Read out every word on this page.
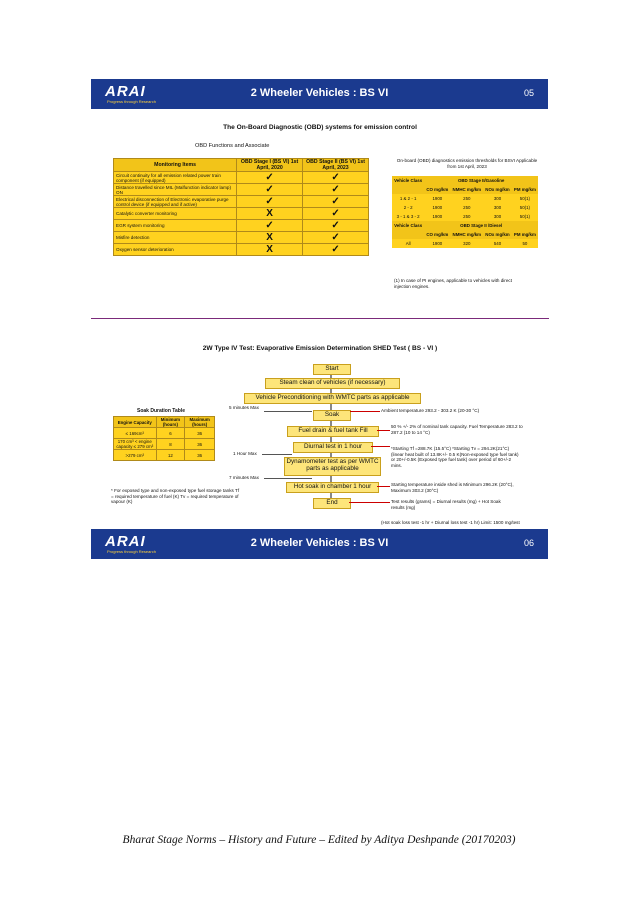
ARAI
Progress through Research
2 Wheeler Vehicles : BS VI	05
The On-Board Diagnostic (OBD) systems for emission control
OBD Functions and Associate
Monitoring Items	OBD Stage I (BS VI) 1st April, 2020	OBD Stage II (BS VI) 1st April, 2023
Circuit continuity for all emission related power train component (if equipped)	✓	✓
Distance travelled since MIL (Malfunction indicator lamp) ON	✓	✓
Electrical disconnection of Electronic evaporative purge control device (if equipped and if active)	✓	✓
Catalytic converter monitoring	X	✓
EGR system monitoring	✓	✓
Misfire detection	X	✓
Oxygen sensor deterioration	X	✓
On-board (OBD) diagnostics emission thresholds for BSVI Applicable from 1st April, 2023
Vehicle Class	OBD Stage II/Gasoline			
	CO mg/km	NMHC mg/km	NOx mg/km	PM mg/km
1 & 2 - 1	1900	250	300	50(1)
2 - 2	1900	250	300	50(1)
3 - 1 & 3 - 2	1900	250	300	50(1)
Vehicle Class	OBD Stage II /Diesel			
	CO mg/km	NMHC mg/km	NOx mg/km	PM mg/km
All	1900	320	540	50
(1) In case of PI engines, applicable to vehicles with direct injection engines.
2W Type IV Test: Evaporative Emission Determination SHED Test ( BS - VI )
Start
Steam clean of vehicles (if necessary)
Vehicle Preconditioning with WMTC parts as applicable
Soak
Fuel drain & fuel tank Fill
Diurnal test in 1 hour
Dynamometer test as per WMTC parts as applicable
Hot soak in chamber 1 hour
End
5 minutes Max
1 Hour Max
7 minutes Max
Ambient temperature 293.2 - 303.2 K (20-30 °C)
50 % +/- 2% of nominal tank capacity. Fuel Temperature 283.2 to 287.2 (10 to 14 °C)
*Starting Tf =288.7K (15.5°C) *Starting Tv = 294.2K(21°C) (linear heat built of 13.8K+/- 0.5 K(Non-exposed type fuel tank) or 20+/-0.5K (Exposed type fuel tank) over period of 60+/-2 mins.
Starting temperature inside shed is Minimum 296.2K (20°C), Maximum 303.2 (30°C)
Test results (grams) = Diurnal results (mg) + Hot Soak results (mg)
(Hot soak loss test -1 hr + Diurnal loss test -1 hr) Limit: 1500 mg/test
Soak Duration Table
Engine Capacity	Minimum (hours)	Maximum (hours)
≤ 169cm³	6	36
170 cm³ < engine capacity ≤ 279 cm³	8	36
>279 cm³	12	36
* For exposed type and non-exposed type fuel storage tanks Tf = required temperature of fuel (K) Tv = required temperature of vapour (K)
ARAI
Progress through Research
2 Wheeler Vehicles : BS VI	06
Bharat Stage Norms – History and Future – Edited by Aditya Deshpande (20170203)
